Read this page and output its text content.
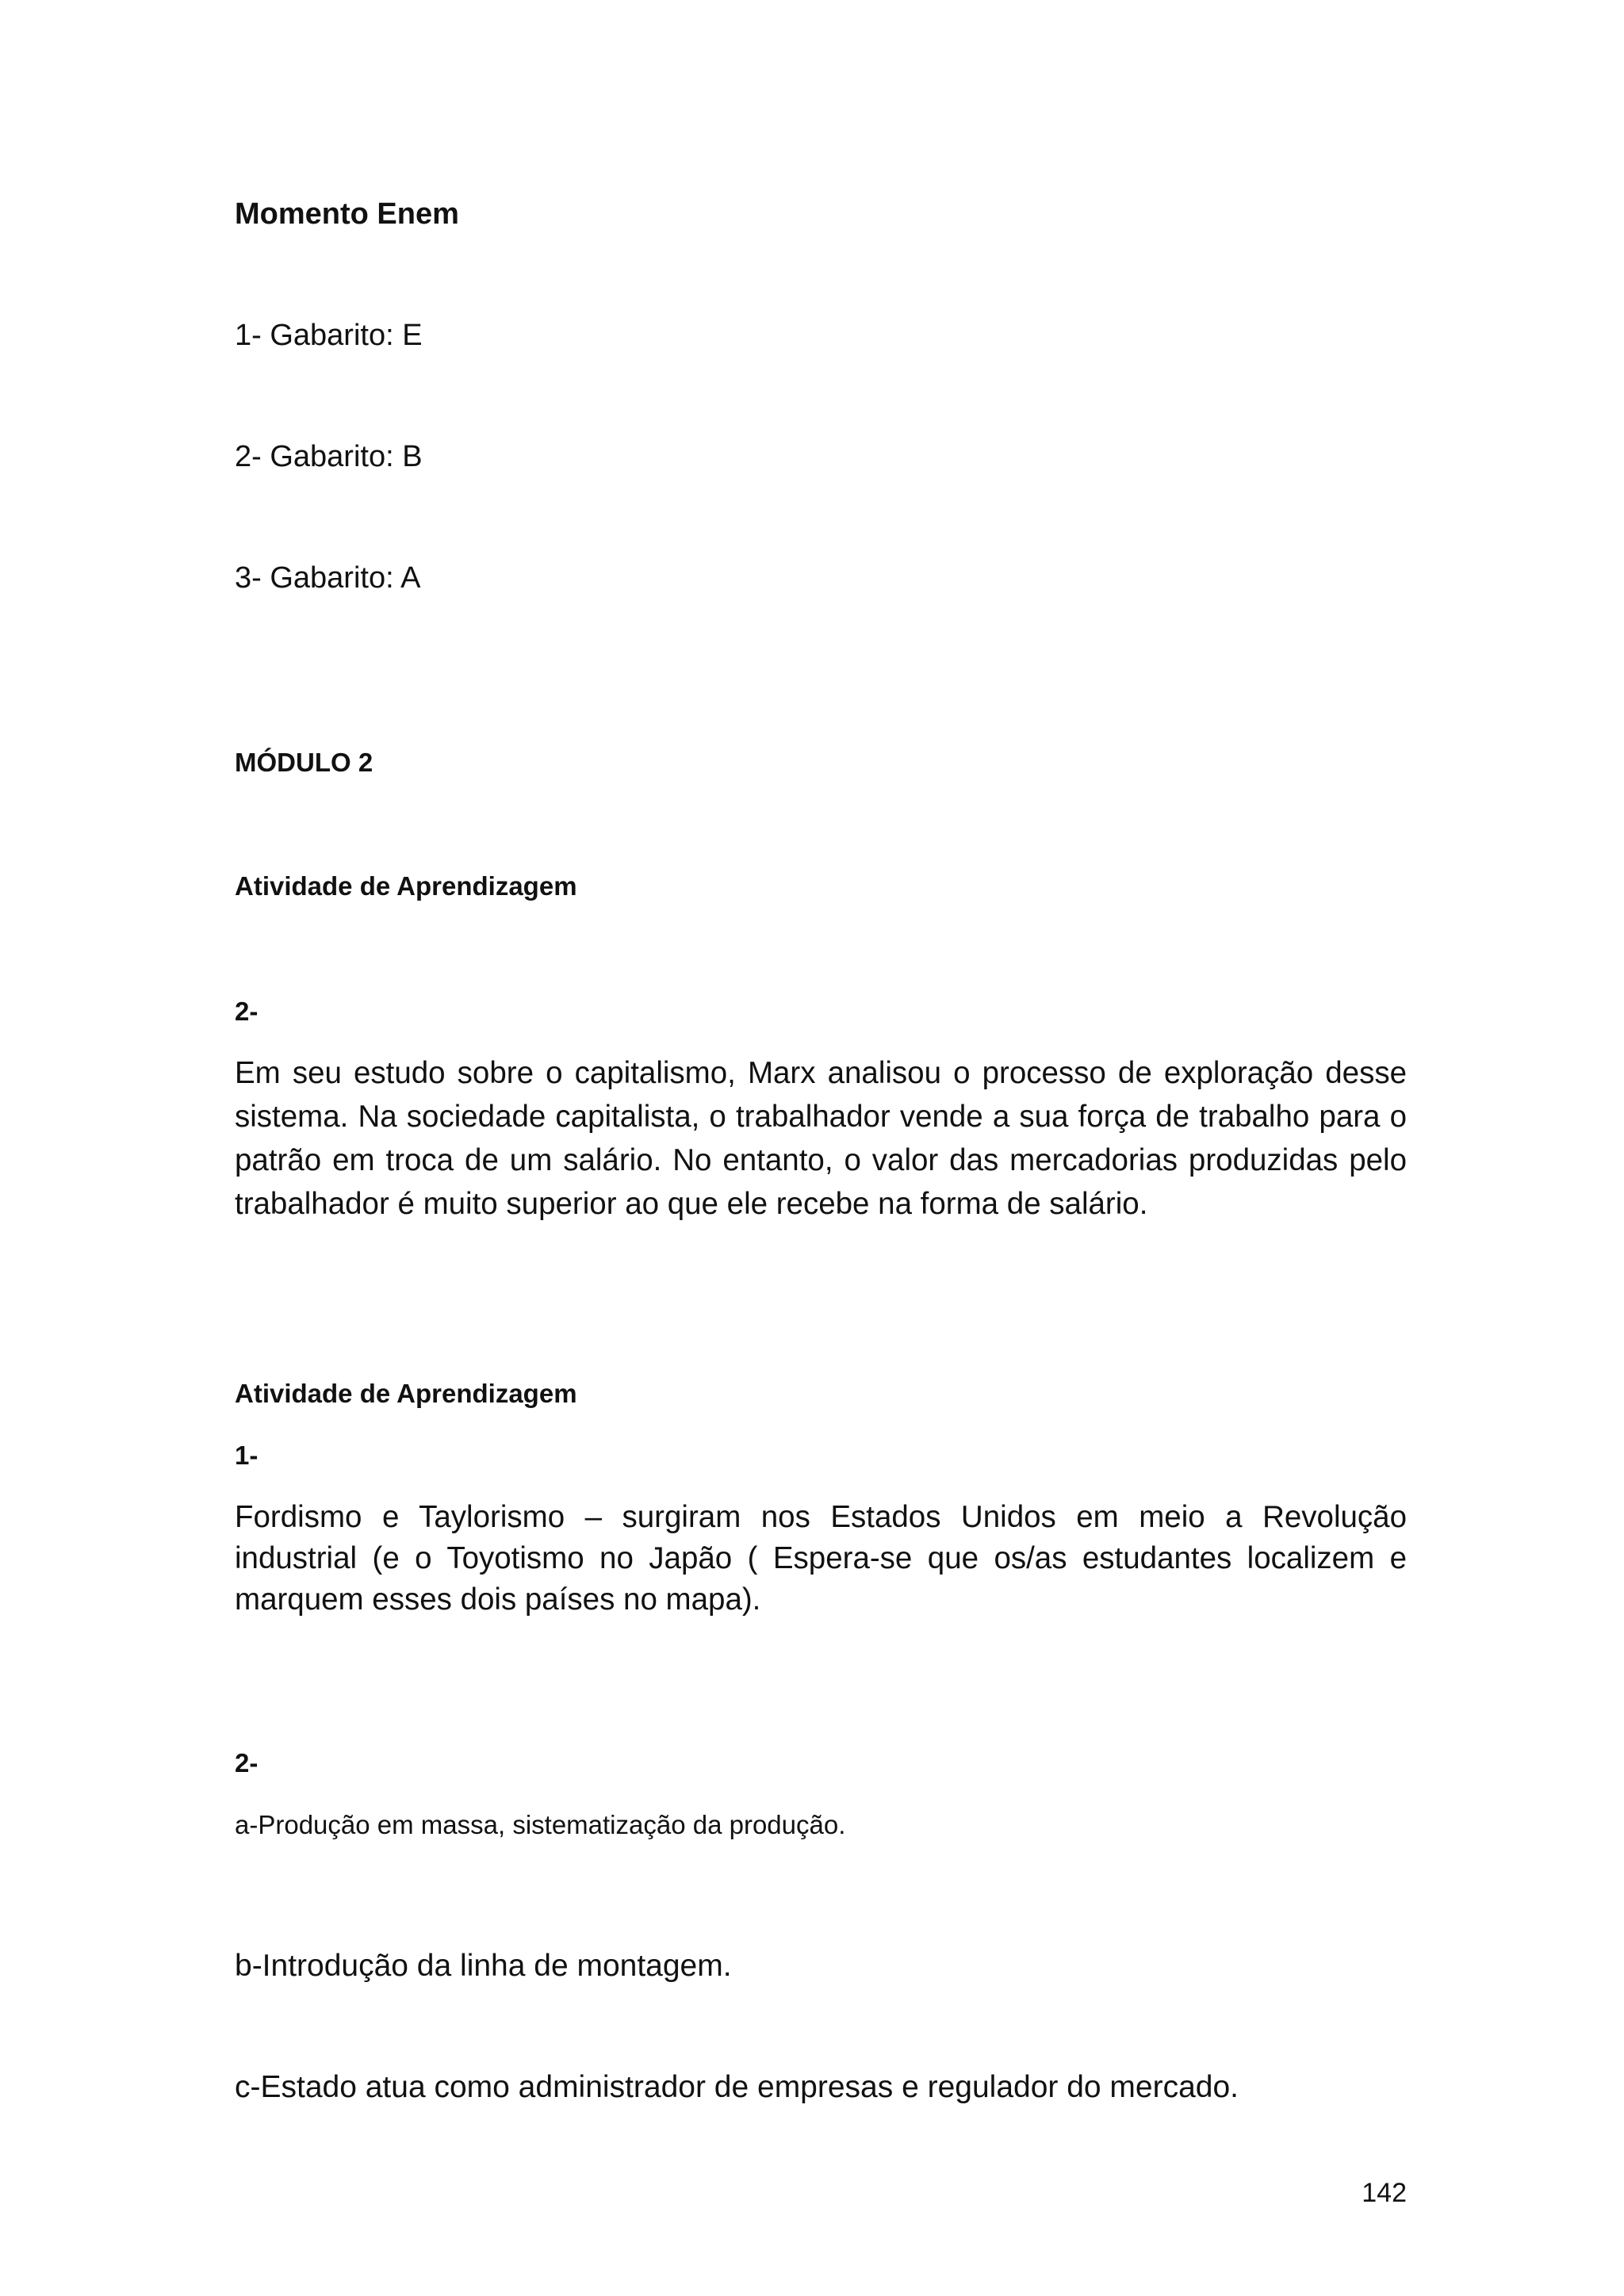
Momento Enem

1- Gabarito: E

2- Gabarito: B

3- Gabarito: A

MÓDULO 2

Atividade de Aprendizagem

2-

Em seu estudo sobre o capitalismo, Marx analisou o processo de exploração desse sistema. Na sociedade capitalista, o trabalhador vende a sua força de trabalho para o patrão em troca de um salário. No entanto, o valor das mercadorias produzidas pelo trabalhador é muito superior ao que ele recebe na forma de salário.

Atividade de Aprendizagem

1-

Fordismo e Taylorismo – surgiram nos Estados Unidos em meio a Revolução industrial (e o Toyotismo no Japão ( Espera-se que os/as estudantes localizem e marquem esses dois países no mapa).

2-

a-Produção em massa, sistematização da produção.

b-Introdução da linha de montagem.

c-Estado atua como administrador de empresas e regulador do mercado.

142
